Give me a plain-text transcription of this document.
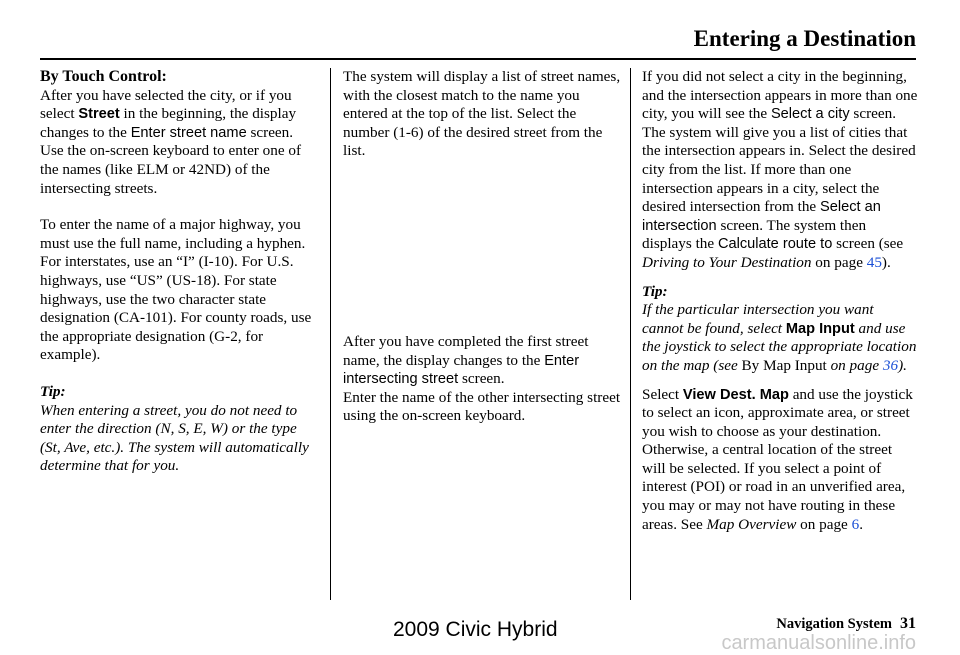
Entering a Destination

By Touch Control:

After you have selected the city, or if you select Street in the beginning, the display changes to the Enter street name screen. Use the on-screen keyboard to enter one of the names (like ELM or 42ND) of the intersecting streets.

To enter the name of a major highway, you must use the full name, including a hyphen. For interstates, use an “I” (I-10). For U.S. highways, use “US” (US-18). For state highways, use the two character state designation (CA-101). For county roads, use the appropriate designation (G-2, for example).

Tip:

When entering a street, you do not need to enter the direction (N, S, E, W) or the type (St, Ave, etc.). The system will automatically determine that for you.

The system will display a list of street names, with the closest match to the name you entered at the top of the list. Select the number (1-6) of the desired street from the list.

After you have completed the first street name, the display changes to the Enter intersecting street screen.

Enter the name of the other intersecting street using the on-screen keyboard.

If you did not select a city in the beginning, and the intersection appears in more than one city, you will see the Select a city screen. The system will give you a list of cities that the intersection appears in. Select the desired city from the list. If more than one intersection appears in a city, select the desired intersection from the Select an intersection screen. The system then displays the Calculate route to screen (see Driving to Your Destination on page 45).

Tip:

If the particular intersection you want cannot be found, select Map Input and use the joystick to select the appropriate location on the map (see By Map Input on page 36).

Select View Dest. Map and use the joystick to select an icon, approximate area, or street you wish to choose as your destination. Otherwise, a central location of the street will be selected. If you select a point of interest (POI) or road in an unverified area, you may or may not have routing in these areas. See Map Overview on page 6.

Navigation System 31
2009 Civic Hybrid
carmanualsonline.info
